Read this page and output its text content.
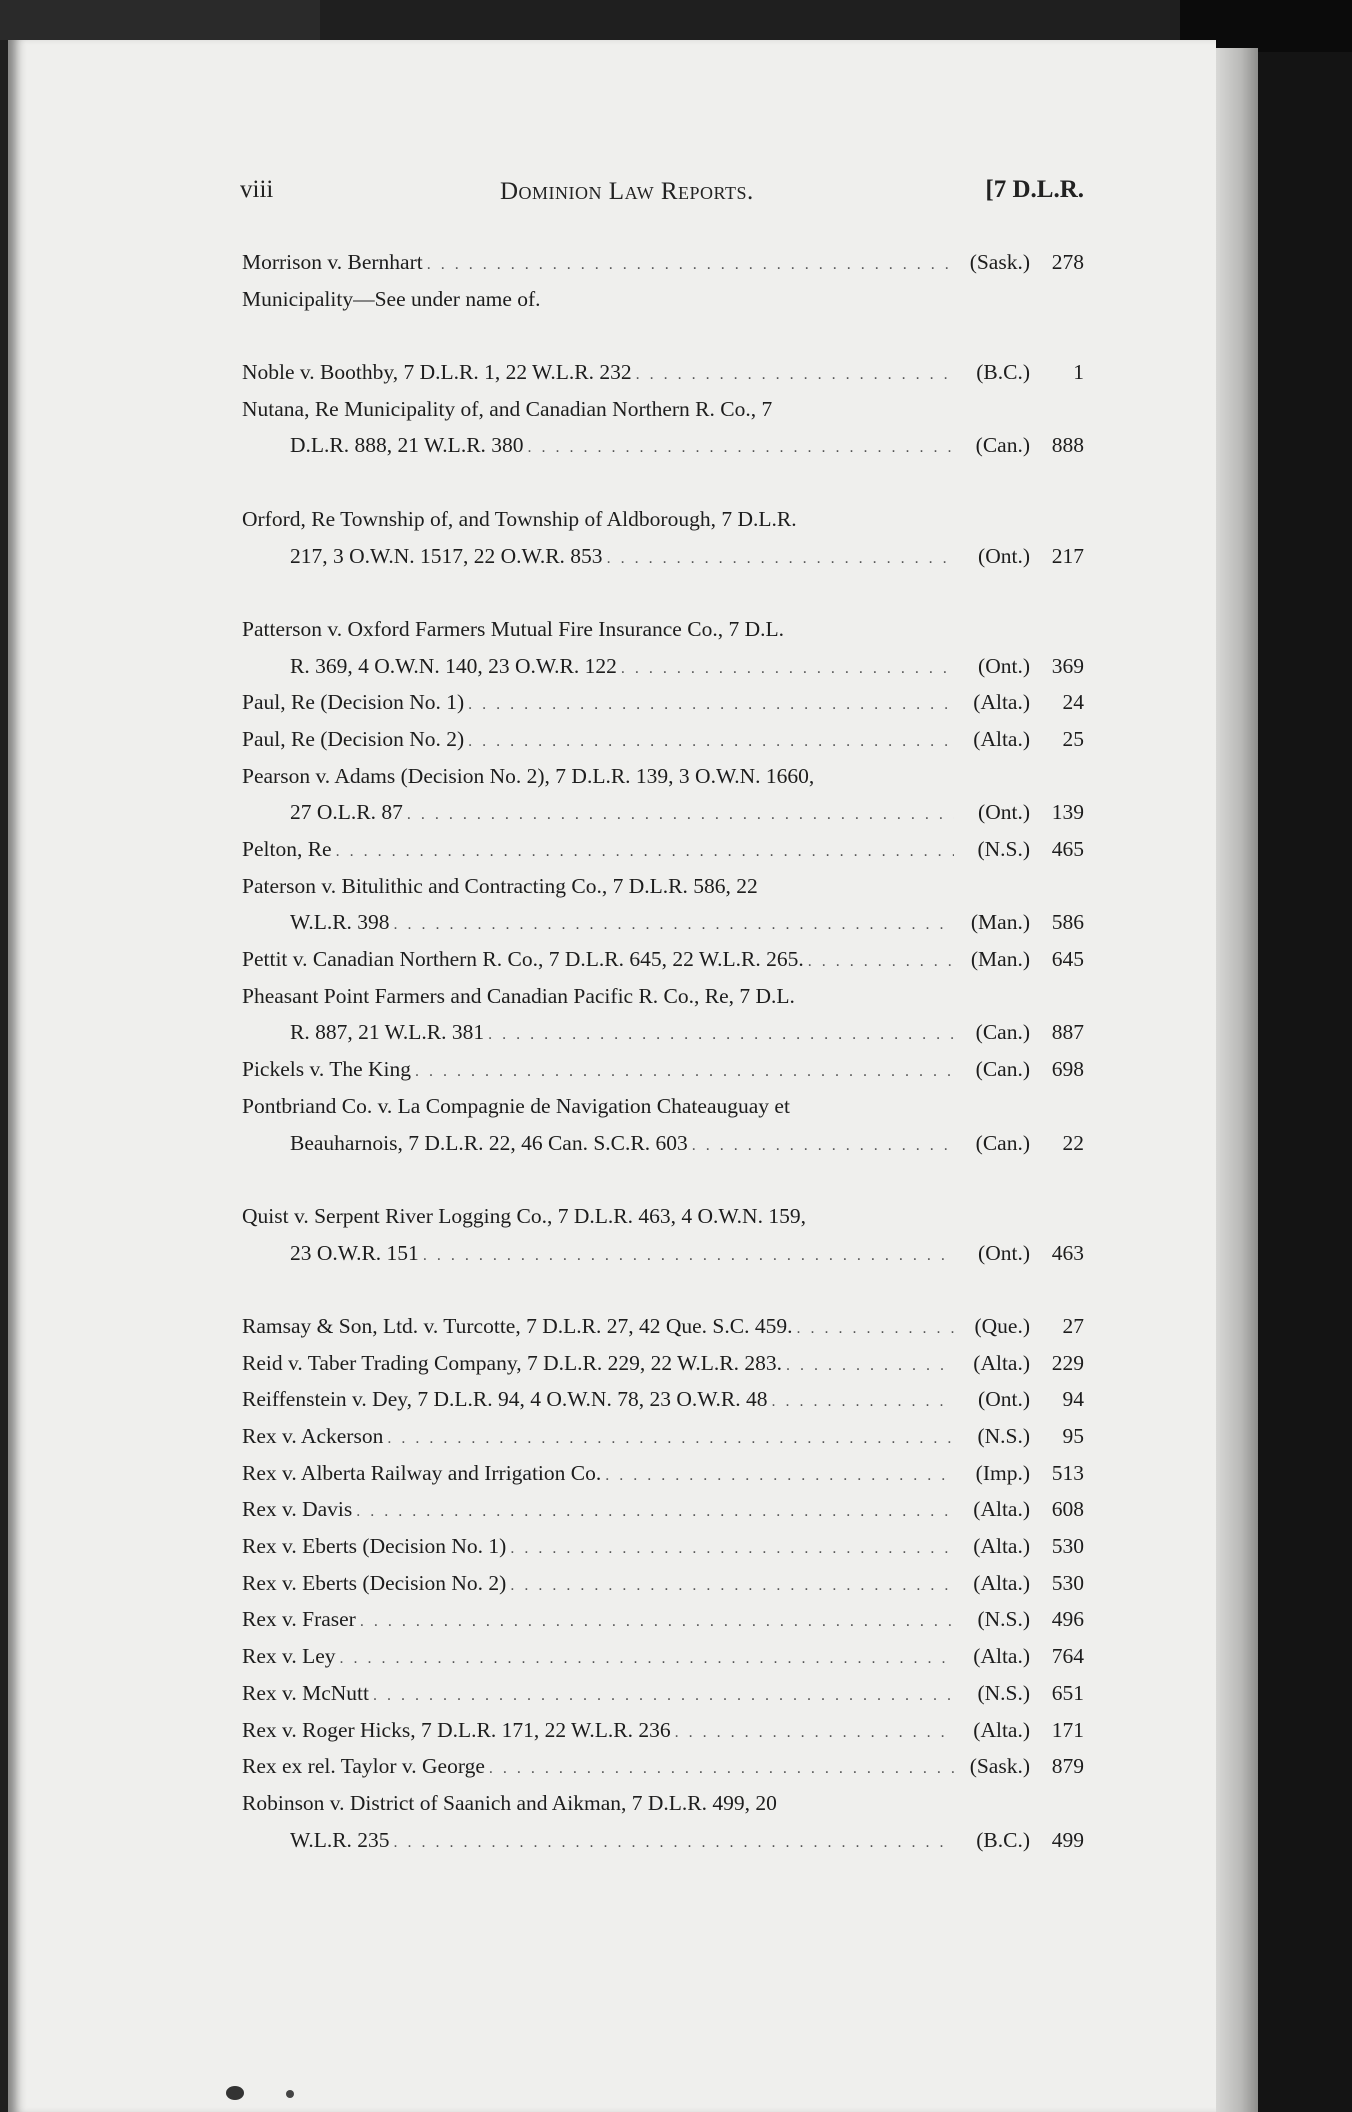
viii	Dominion Law Reports.	[7 D.L.R.
Morrison v. Bernhart . . .	(Sask.)	278
Municipality—See under name of.
Noble v. Boothby, 7 D.L.R. 1, 22 W.L.R. 232 . . .	(B.C.)	1
Nutana, Re Municipality of, and Canadian Northern R. Co., 7
D.L.R. 888, 21 W.L.R. 380 . . .	(Can.)	888
Orford, Re Township of, and Township of Aldborough, 7 D.L.R.
217, 3 O.W.N. 1517, 22 O.W.R. 853 . . .	(Ont.)	217
Patterson v. Oxford Farmers Mutual Fire Insurance Co., 7 D.L.
R. 369, 4 O.W.N. 140, 23 O.W.R. 122 . . .	(Ont.)	369
Paul, Re (Decision No. 1) . . .	(Alta.)	24
Paul, Re (Decision No. 2) . . .	(Alta.)	25
Pearson v. Adams (Decision No. 2), 7 D.L.R. 139, 3 O.W.N. 1660,
27 O.L.R. 87 . . .	(Ont.)	139
Pelton, Re . . .	(N.S.)	465
Paterson v. Bitulithic and Contracting Co., 7 D.L.R. 586, 22
W.L.R. 398 . . .	(Man.)	586
Pettit v. Canadian Northern R. Co., 7 D.L.R. 645, 22 W.L.R. 265. . . .	(Man.)	645
Pheasant Point Farmers and Canadian Pacific R. Co., Re, 7 D.L.
R. 887, 21 W.L.R. 381 . . .	(Can.)	887
Pickels v. The King . . .	(Can.)	698
Pontbriand Co. v. La Compagnie de Navigation Chateauguay et
Beauharnois, 7 D.L.R. 22, 46 Can. S.C.R. 603 . . .	(Can.)	22
Quist v. Serpent River Logging Co., 7 D.L.R. 463, 4 O.W.N. 159,
23 O.W.R. 151 . . .	(Ont.)	463
Ramsay & Son, Ltd. v. Turcotte, 7 D.L.R. 27, 42 Que. S.C. 459. . . .	(Que.)	27
Reid v. Taber Trading Company, 7 D.L.R. 229, 22 W.L.R. 283. . . .	(Alta.)	229
Reiffenstein v. Dey, 7 D.L.R. 94, 4 O.W.N. 78, 23 O.W.R. 48 . . .	(Ont.)	94
Rex v. Ackerson . . .	(N.S.)	95
Rex v. Alberta Railway and Irrigation Co. . . .	(Imp.)	513
Rex v. Davis . . .	(Alta.)	608
Rex v. Eberts (Decision No. 1) . . .	(Alta.)	530
Rex v. Eberts (Decision No. 2) . . .	(Alta.)	530
Rex v. Fraser . . .	(N.S.)	496
Rex v. Ley . . .	(Alta.)	764
Rex v. McNutt . . .	(N.S.)	651
Rex v. Roger Hicks, 7 D.L.R. 171, 22 W.L.R. 236 . . .	(Alta.)	171
Rex ex rel. Taylor v. George . . .	(Sask.)	879
Robinson v. District of Saanich and Aikman, 7 D.L.R. 499, 20
W.L.R. 235 . . .	(B.C.)	499
